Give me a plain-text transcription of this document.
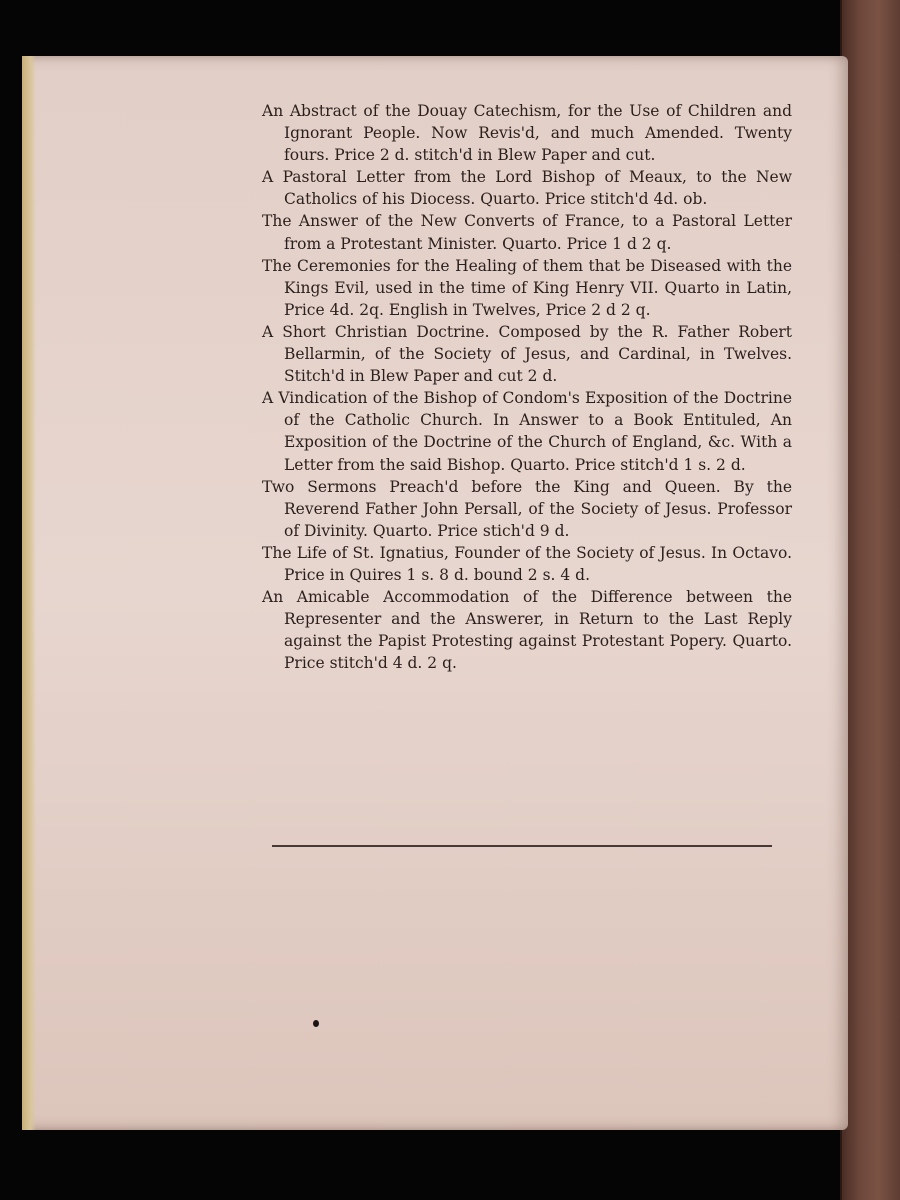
An Abstract of the Douay Catechism, for the Use of Children and Ignorant People. Now Revis'd, and much Amended. Twenty fours. Price 2 d. stitch'd in Blew Paper and cut.

A Pastoral Letter from the Lord Bishop of Meaux, to the New Catholics of his Diocess. Quarto. Price stitch'd 4d. ob.

The Answer of the New Converts of France, to a Pastoral Letter from a Protestant Minister. Quarto. Price 1 d 2 q.

The Ceremonies for the Healing of them that be Diseased with the Kings Evil, used in the time of King Henry VII. Quarto in Latin, Price 4d. 2q. English in Twelves, Price 2 d 2 q.

A Short Christian Doctrine. Composed by the R. Father Robert Bellarmin, of the Society of Jesus, and Cardinal, in Twelves. Stitch'd in Blew Paper and cut 2 d.

A Vindication of the Bishop of Condom's Exposition of the Doctrine of the Catholic Church. In Answer to a Book Entituled, An Exposition of the Doctrine of the Church of England, &c. With a Letter from the said Bishop. Quarto. Price stitch'd 1 s. 2 d.

Two Sermons Preach'd before the King and Queen. By the Reverend Father John Persall, of the Society of Jesus. Professor of Divinity. Quarto. Price stich'd 9 d.

The Life of St. Ignatius, Founder of the Society of Jesus. In Octavo. Price in Quires 1 s. 8 d. bound 2 s. 4 d.

An Amicable Accommodation of the Difference between the Representer and the Answerer, in Return to the Last Reply against the Papist Protesting against Protestant Popery. Quarto. Price stitch'd 4 d. 2 q.
